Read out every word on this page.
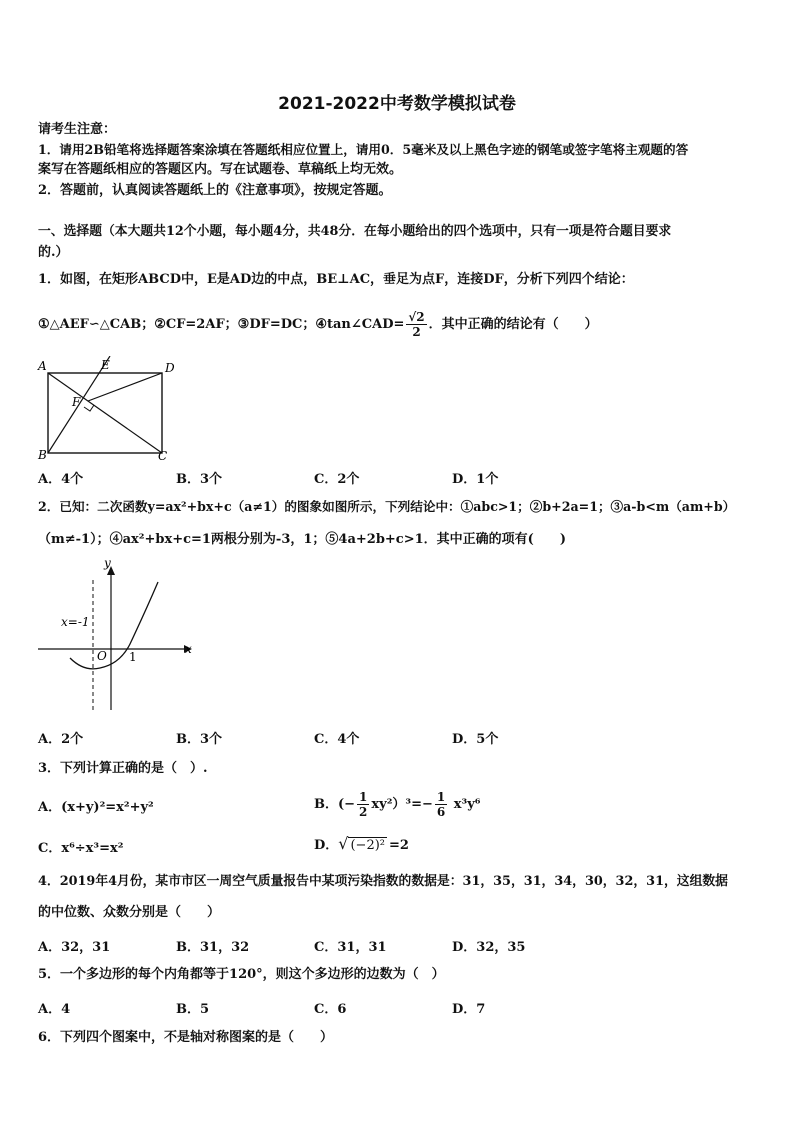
2021-2022中考数学模拟试卷
请考生注意：
1．请用2B铅笔将选择题答案涂填在答题纸相应位置上，请用0．5毫米及以上黑色字迹的钢笔或签字笔将主观题的答
案写在答题纸相应的答题区内。写在试题卷、草稿纸上均无效。
2．答题前，认真阅读答题纸上的《注意事项》，按规定答题。
一、选择题（本大题共12个小题，每小题4分，共48分．在每小题给出的四个选项中，只有一项是符合题目要求
的.）
1．如图，在矩形ABCD中，E是AD边的中点，BE⊥AC，垂足为点F，连接DF，分析下列四个结论：
①△AEF∽△CAB；②CF=2AF；③DF=DC；④tan∠CAD= $\frac{√2}{2}$ ．其中正确的结论有（　　）
A	E	D
F
B	C
A．4个	B．3个	C．2个	D．1个
2．已知：二次函数y=ax²+bx+c（a≠1）的图象如图所示，下列结论中：①abc>1；②b+2a=1；③a-b<m（am+b）
（m≠-1）；④ax²+bx+c=1两根分别为-3，1；⑤4a+2b+c>1．其中正确的项有(　　)
y
x
x=-1
O 1
A．2个	B．3个	C．4个	D．5个
3．下列计算正确的是（　）.
A．(x+y)²=x²+y²	B．(− $\frac{1}{2} xy^2)^3=- \frac{1}{6} x^3y^6$
C．x⁶÷x³=x²	D．√ (−2)² =2
4．2019年4月份，某市市区一周空气质量报告中某项污染指数的数据是：31，35，31，34，30，32，31，这组数据
的中位数、众数分别是（　　）
A．32，31	B．31，32	C．31，31	D．32，35
5．一个多边形的每个内角都等于120°，则这个多边形的边数为（　）
A．4	B．5	C．6	D．7
6．下列四个图案中，不是轴对称图案的是（　　）
